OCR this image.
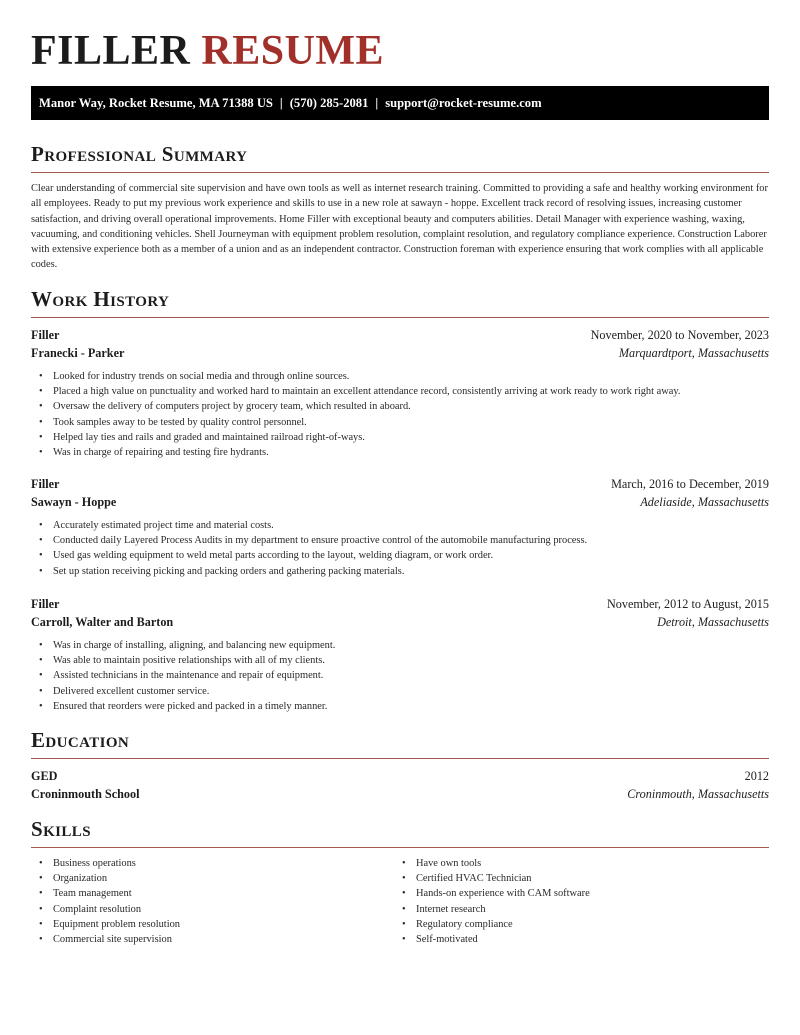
FILLER RESUME
Manor Way, Rocket Resume, MA 71388 US | (570) 285-2081 | support@rocket-resume.com
Professional Summary

Clear understanding of commercial site supervision and have own tools as well as internet research training. Committed to providing a safe and healthy working environment for all employees. Ready to put my previous work experience and skills to use in a new role at sawayn - hoppe. Excellent track record of resolving issues, increasing customer satisfaction, and driving overall operational improvements. Home Filler with exceptional beauty and computers abilities. Detail Manager with experience washing, waxing, vacuuming, and conditioning vehicles. Shell Journeyman with equipment problem resolution, complaint resolution, and regulatory compliance experience. Construction Laborer with extensive experience both as a member of a union and as an independent contractor. Construction foreman with experience ensuring that work complies with all applicable codes.

Work History
Filler	November, 2020 to November, 2023
Franecki - Parker	Marquardtport, Massachusetts
• Looked for industry trends on social media and through online sources.
• Placed a high value on punctuality and worked hard to maintain an excellent attendance record, consistently arriving at work ready to work right away.
• Oversaw the delivery of computers project by grocery team, which resulted in aboard.
• Took samples away to be tested by quality control personnel.
• Helped lay ties and rails and graded and maintained railroad right-of-ways.
• Was in charge of repairing and testing fire hydrants.
Filler	March, 2016 to December, 2019
Sawayn - Hoppe	Adeliaside, Massachusetts
• Accurately estimated project time and material costs.
• Conducted daily Layered Process Audits in my department to ensure proactive control of the automobile manufacturing process.
• Used gas welding equipment to weld metal parts according to the layout, welding diagram, or work order.
• Set up station receiving picking and packing orders and gathering packing materials.
Filler	November, 2012 to August, 2015
Carroll, Walter and Barton	Detroit, Massachusetts
• Was in charge of installing, aligning, and balancing new equipment.
• Was able to maintain positive relationships with all of my clients.
• Assisted technicians in the maintenance and repair of equipment.
• Delivered excellent customer service.
• Ensured that reorders were picked and packed in a timely manner.
Education
GED	2012
Croninmouth School	Croninmouth, Massachusetts
Skills
• Business operations
• Organization
• Team management
• Complaint resolution
• Equipment problem resolution
• Commercial site supervision
• Have own tools
• Certified HVAC Technician
• Hands-on experience with CAM software
• Internet research
• Regulatory compliance
• Self-motivated
